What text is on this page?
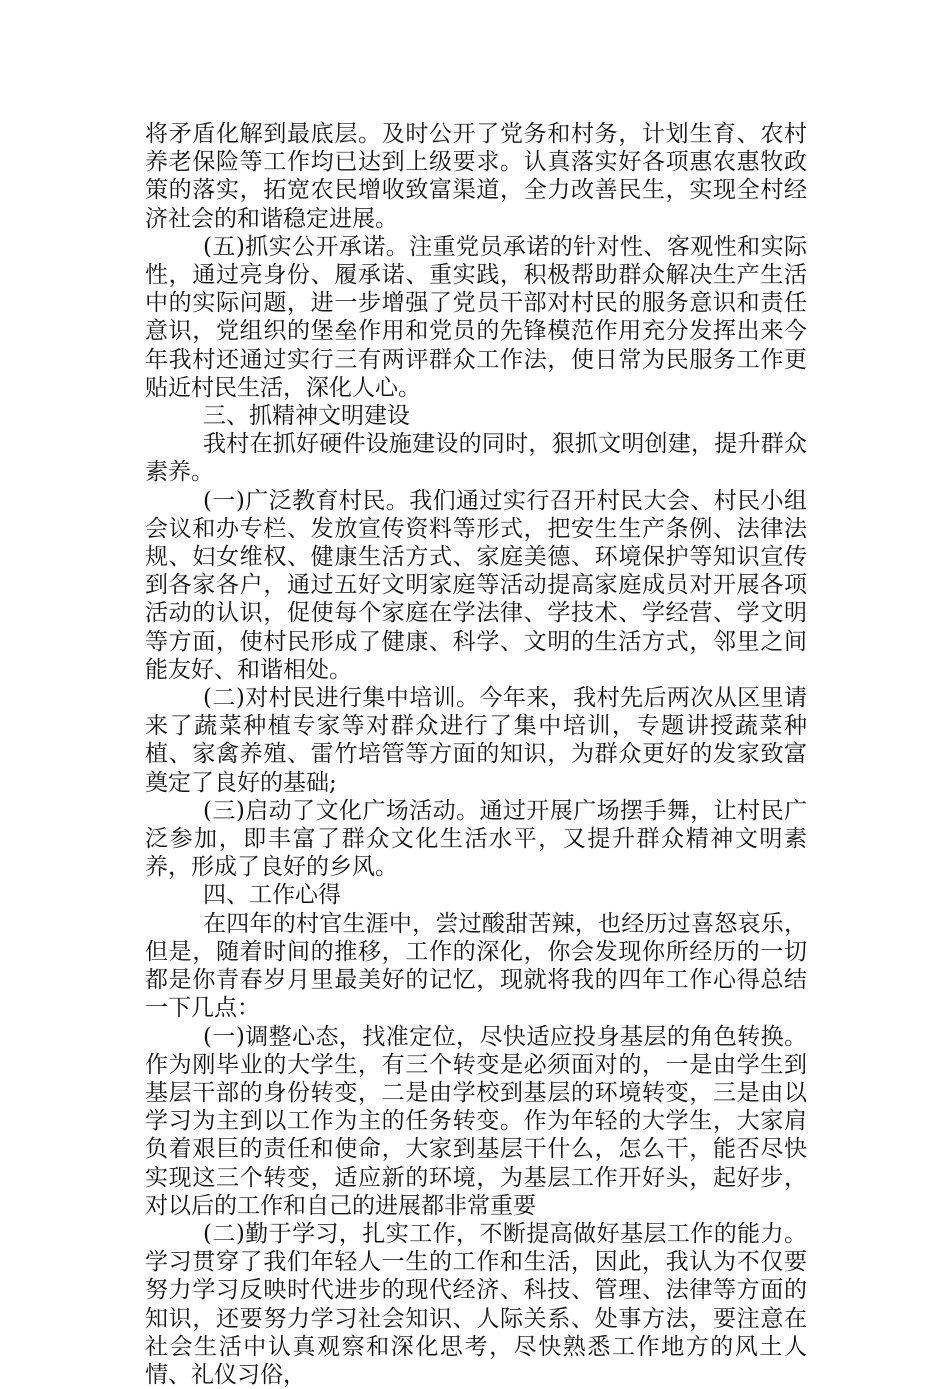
将矛盾化解到最底层。及时公开了党务和村务，计划生育、农村养老保险等工作均已达到上级要求。认真落实好各项惠农惠牧政策的落实，拓宽农民增收致富渠道，全力改善民生，实现全村经济社会的和谐稳定进展。

(五)抓实公开承诺。注重党员承诺的针对性、客观性和实际性，通过亮身份、履承诺、重实践，积极帮助群众解决生产生活中的实际问题，进一步增强了党员干部对村民的服务意识和责任意识，党组织的堡垒作用和党员的先锋模范作用充分发挥出来今年我村还通过实行三有两评群众工作法，使日常为民服务工作更贴近村民生活，深化人心。

三、抓精神文明建设

我村在抓好硬件设施建设的同时，狠抓文明创建，提升群众素养。

(一)广泛教育村民。我们通过实行召开村民大会、村民小组会议和办专栏、发放宣传资料等形式，把安生生产条例、法律法规、妇女维权、健康生活方式、家庭美德、环境保护等知识宣传到各家各户，通过五好文明家庭等活动提高家庭成员对开展各项活动的认识，促使每个家庭在学法律、学技术、学经营、学文明等方面，使村民形成了健康、科学、文明的生活方式，邻里之间能友好、和谐相处。

(二)对村民进行集中培训。今年来，我村先后两次从区里请来了蔬菜种植专家等对群众进行了集中培训，专题讲授蔬菜种植、家禽养殖、雷竹培管等方面的知识，为群众更好的发家致富奠定了良好的基础;

(三)启动了文化广场活动。通过开展广场摆手舞，让村民广泛参加，即丰富了群众文化生活水平，又提升群众精神文明素养，形成了良好的乡风。

四、工作心得

在四年的村官生涯中，尝过酸甜苦辣，也经历过喜怒哀乐，但是，随着时间的推移，工作的深化，你会发现你所经历的一切都是你青春岁月里最美好的记忆，现就将我的四年工作心得总结一下几点：

(一)调整心态，找准定位，尽快适应投身基层的角色转换。作为刚毕业的大学生，有三个转变是必须面对的，一是由学生到基层干部的身份转变，二是由学校到基层的环境转变，三是由以学习为主到以工作为主的任务转变。作为年轻的大学生，大家肩负着艰巨的责任和使命，大家到基层干什么，怎么干，能否尽快实现这三个转变，适应新的环境，为基层工作开好头，起好步，对以后的工作和自己的进展都非常重要

(二)勤于学习，扎实工作，不断提高做好基层工作的能力。学习贯穿了我们年轻人一生的工作和生活，因此，我认为不仅要努力学习反映时代进步的现代经济、科技、管理、法律等方面的知识，还要努力学习社会知识、人际关系、处事方法，要注意在社会生活中认真观察和深化思考，尽快熟悉工作地方的风土人情、礼仪习俗，
